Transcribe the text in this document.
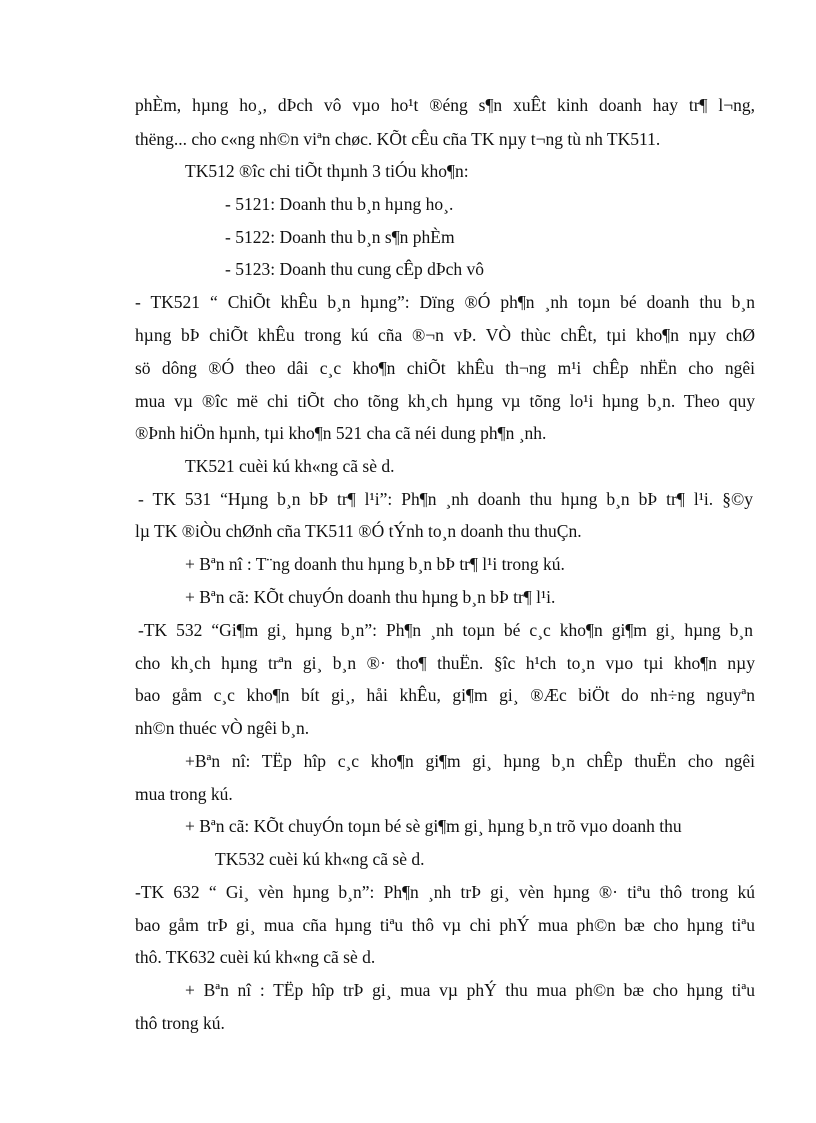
phÈm, hµng ho¸, dÞch vô vµo ho¹t ®éng s¶n xuÊt kinh doanh hay tr¶ l¬ng,
thëng... cho c«ng nh©n viªn chøc. KÕt cÊu cña TK nµy t¬ng tù nh TK511.
TK512 ®îc chi tiÕt thµnh 3 tiÓu kho¶n:
- 5121: Doanh thu b¸n hµng ho¸.
- 5122: Doanh thu b¸n s¶n phÈm
- 5123: Doanh thu cung cÊp dÞch vô
- TK521 “ ChiÕt khÊu b¸n hµng”: Dïng ®Ó ph¶n ¸nh toµn bé doanh thu b¸n
hµng bÞ chiÕt khÊu trong kú cña ®¬n vÞ. VÒ thùc chÊt, tµi kho¶n nµy chØ
sö dông ®Ó theo dâi c¸c kho¶n chiÕt khÊu th¬ng m¹i chÊp nhËn cho ngêi
mua vµ ®îc më chi tiÕt cho tõng kh¸ch hµng vµ tõng lo¹i hµng b¸n. Theo quy
®Þnh hiÖn hµnh, tµi kho¶n 521 cha cã néi dung ph¶n ¸nh.
TK521 cuèi kú kh«ng cã sè d.
- TK 531 “Hµng b¸n bÞ tr¶ l¹i”: Ph¶n ¸nh doanh thu hµng b¸n bÞ tr¶ l¹i. §©y
lµ TK ®iÒu chØnh cña TK511 ®Ó tÝnh to¸n doanh thu thuÇn.
+ Bªn nî : T¨ng doanh thu hµng b¸n bÞ tr¶ l¹i trong kú.
+ Bªn cã: KÕt chuyÓn doanh thu hµng b¸n bÞ tr¶ l¹i.
-TK 532 “Gi¶m gi¸ hµng b¸n”: Ph¶n ¸nh toµn bé c¸c kho¶n gi¶m gi¸ hµng b¸n
cho kh¸ch hµng trªn gi¸ b¸n ®· tho¶ thuËn. §îc h¹ch to¸n vµo tµi kho¶n nµy
bao gåm c¸c kho¶n bít gi¸, håi khÊu, gi¶m gi¸ ®Æc biÖt do nh÷ng nguyªn
nh©n thuéc vÒ ngêi b¸n.
+Bªn nî: TËp hîp c¸c kho¶n gi¶m gi¸ hµng b¸n chÊp thuËn cho ngêi
mua trong kú.
+ Bªn cã: KÕt chuyÓn toµn bé sè gi¶m gi¸ hµng b¸n trõ vµo doanh thu
TK532 cuèi kú kh«ng cã sè d.
-TK 632 “ Gi¸ vèn hµng b¸n”: Ph¶n ¸nh trÞ gi¸ vèn hµng ®· tiªu thô trong kú
bao gåm trÞ gi¸ mua cña hµng tiªu thô vµ chi phÝ mua ph©n bæ cho hµng tiªu
thô. TK632 cuèi kú kh«ng cã sè d.
+ Bªn nî : TËp hîp trÞ gi¸ mua vµ phÝ thu mua ph©n bæ cho hµng tiªu
thô trong kú.
